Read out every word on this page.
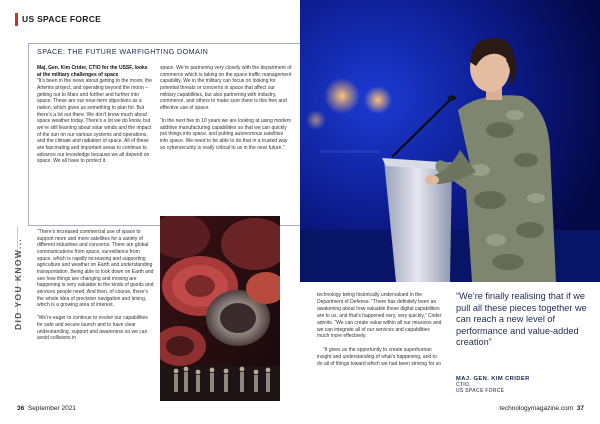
US SPACE FORCE
SPACE: THE FUTURE WARFIGHTING DOMAIN

Maj. Gen. Kim Crider, CTIO for the USSF, looks at the military challenges of space
“It’s been in the news about getting to the moon, the Artemis project, and operating beyond the moon – getting out to Mars and further and further into space. These are our near-term objectives as a nation, which gives us something to plan for. But there’s a lot out there. We don’t know much about space weather today. There’s a lot we do know, but we’re still learning about solar winds and the impact of the sun on our various systems and operations, and the climate and radiation of space. All of these are fascinating and important areas to continue to advance our knowledge because we all depend on space. We all have to protect it.

space. We’re partnering very closely with the department of commerce which is taking on the space traffic management capability. We in the military can focus on looking for potential threats or concerns in space that affect our military capabilities, but also partnering with industry, commerce, and others to make sure there is this free and effective use of space.

“In the next five to 10 years we are looking at using modern additive manufacturing capabilities so that we can quickly put things into space, and putting autonomous satellites into space. We need to be able to do that in a trusted way so cybersecurity is really critical to us in the near future.”

DID YOU KNOW...

“There’s increased commercial use of space to support more and more satellites for a variety of different industries and concerns. There are global communications from space, surveillance from space, which is rapidly increasing and supporting agriculture and weather on Earth and understanding transportation. Being able to look down on Earth and see how things are changing and moving are happening is very valuable to the kinds of goods and services people need. And then, of course, there’s the whole idea of precision navigation and timing, which is a growing area of interest.

“We’re eager to continue to evolve our capabilities for safe and secure launch and to have clear understanding, support and awareness so we can avoid collisions in

36 September 2021

technology being historically undervalued in the Department of Defense. “There has definitely been an awakening about how valuable these digital capabilities are to us, and that’s happened very, very quickly,” Crider admits. “We can create value within all our missions and we can integrate all of our services and capabilities much more effectively.

“It gives us the opportunity to create superhuman insight and understanding of what’s happening, and to do all of things toward which we had been striving for so

“We’re finally realising that if we pull all these pieces together we can reach a new level of performance and value-added creation”
MAJ. GEN. KIM CRIDER
CTIO,
US SPACE FORCE
technologymagazine.com 37
